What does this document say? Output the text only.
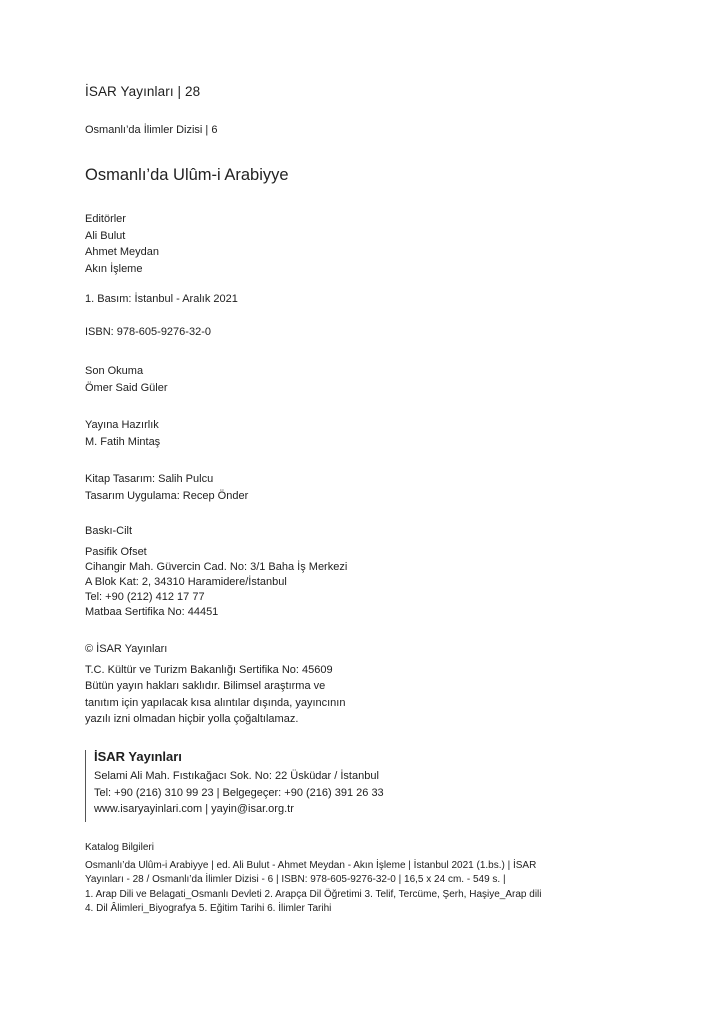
İSAR Yayınları | 28
Osmanlı’da İlimler Dizisi | 6
Osmanlı’da Ulûm-i Arabiyye
Editörler
Ali Bulut
Ahmet Meydan
Akın İşleme
1. Basım: İstanbul - Aralık 2021
ISBN: 978-605-9276-32-0
Son Okuma
Ömer Said Güler
Yayına Hazırlık
M. Fatih Mintaş
Kitap Tasarım: Salih Pulcu
Tasarım Uygulama: Recep Önder
Baskı-Cilt
Pasifik Ofset
Cihangir Mah. Güvercin Cad. No: 3/1 Baha İş Merkezi
A Blok Kat: 2, 34310 Haramidere/İstanbul
Tel: +90 (212) 412 17 77
Matbaa Sertifika No: 44451
© İSAR Yayınları
T.C. Kültür ve Turizm Bakanlığı Sertifika No: 45609
Bütün yayın hakları saklıdır. Bilimsel araştırma ve
tanıtım için yapılacak kısa alıntılar dışında, yayıncının
yazılı izni olmadan hiçbir yolla çoğaltılamaz.
İSAR Yayınları
Selami Ali Mah. Fıstıkağacı Sok. No: 22 Üsküdar / İstanbul
Tel: +90 (216) 310 99 23 | Belgegeçer: +90 (216) 391 26 33
www.isaryayinlari.com | yayin@isar.org.tr
Katalog Bilgileri
Osmanlı’da Ulûm-i Arabiyye | ed. Ali Bulut - Ahmet Meydan - Akın İşleme | İstanbul 2021 (1.bs.) | İSAR
Yayınları - 28 / Osmanlı’da İlimler Dizisi - 6 | ISBN: 978-605-9276-32-0 | 16,5 x 24 cm. - 549 s. |
1. Arap Dili ve Belagati_Osmanlı Devleti 2. Arapça Dil Öğretimi 3. Telif, Tercüme, Şerh, Haşiye_Arap dili
4. Dil Âlimleri_Biyografya 5. Eğitim Tarihi 6. İlimler Tarihi
